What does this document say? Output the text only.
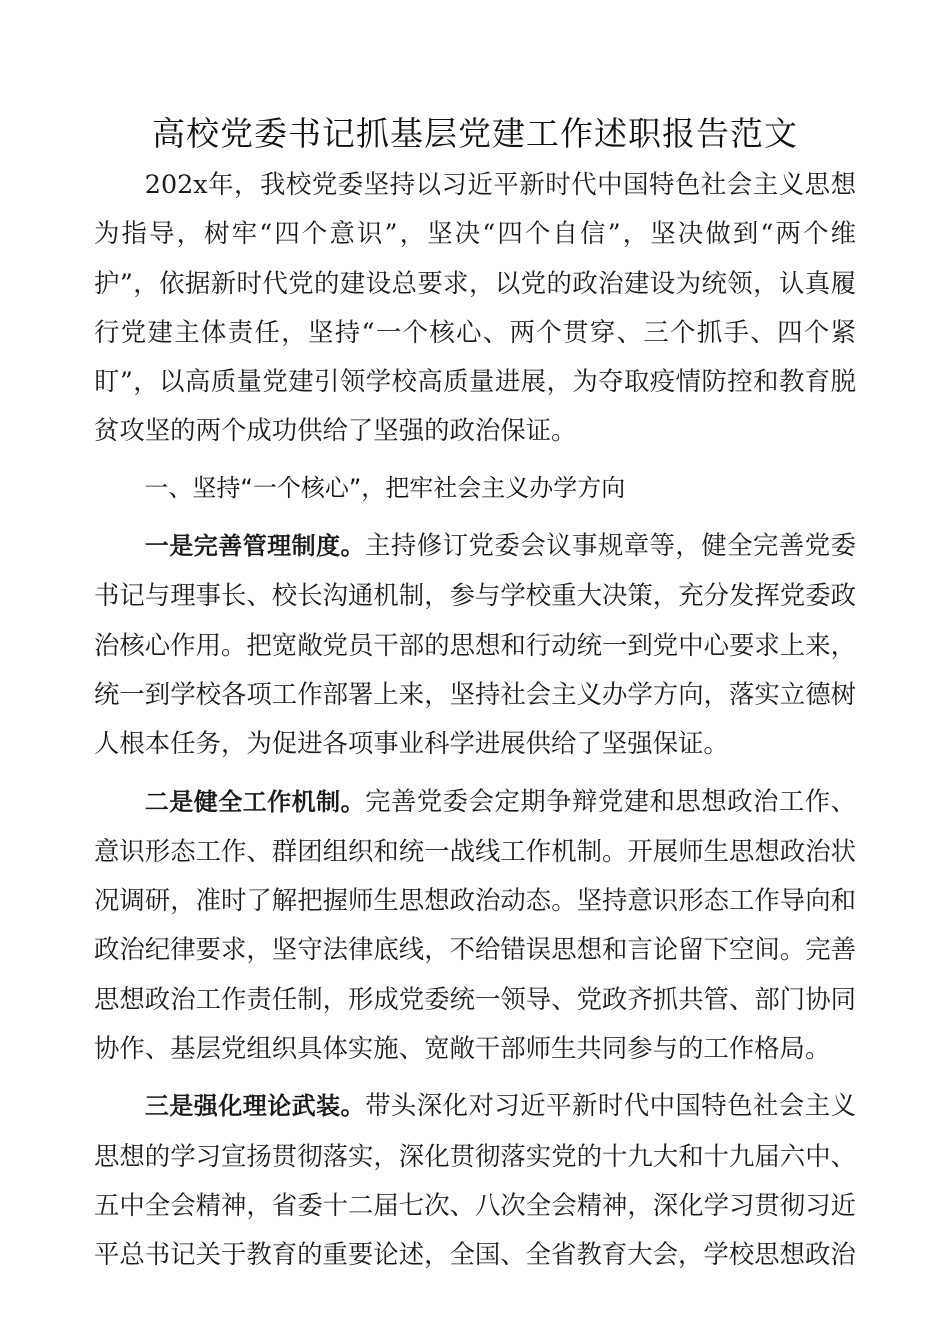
高校党委书记抓基层党建工作述职报告范文

202x年，我校党委坚持以习近平新时代中国特色社会主义思想为指导，树牢“四个意识”，坚决“四个自信”，坚决做到“两个维护”，依据新时代党的建设总要求，以党的政治建设为统领，认真履行党建主体责任，坚持“一个核心、两个贯穿、三个抓手、四个紧盯”，以高质量党建引领学校高质量进展，为夺取疫情防控和教育脱贫攻坚的两个成功供给了坚强的政治保证。

一、坚持“一个核心”，把牢社会主义办学方向

一是完善管理制度。主持修订党委会议事规章等，健全完善党委书记与理事长、校长沟通机制，参与学校重大决策，充分发挥党委政治核心作用。把宽敞党员干部的思想和行动统一到党中心要求上来，统一到学校各项工作部署上来，坚持社会主义办学方向，落实立德树人根本任务，为促进各项事业科学进展供给了坚强保证。

二是健全工作机制。完善党委会定期争辩党建和思想政治工作、意识形态工作、群团组织和统一战线工作机制。开展师生思想政治状况调研，准时了解把握师生思想政治动态。坚持意识形态工作导向和政治纪律要求，坚守法律底线，不给错误思想和言论留下空间。完善思想政治工作责任制，形成党委统一领导、党政齐抓共管、部门协同协作、基层党组织具体实施、宽敞干部师生共同参与的工作格局。

三是强化理论武装。带头深化对习近平新时代中国特色社会主义思想的学习宣扬贯彻落实，深化贯彻落实党的十九大和十九届六中、五中全会精神，省委十二届七次、八次全会精神，深化学习贯彻习近平总书记关于教育的重要论述，全国、全省教育大会，学校思想政治
